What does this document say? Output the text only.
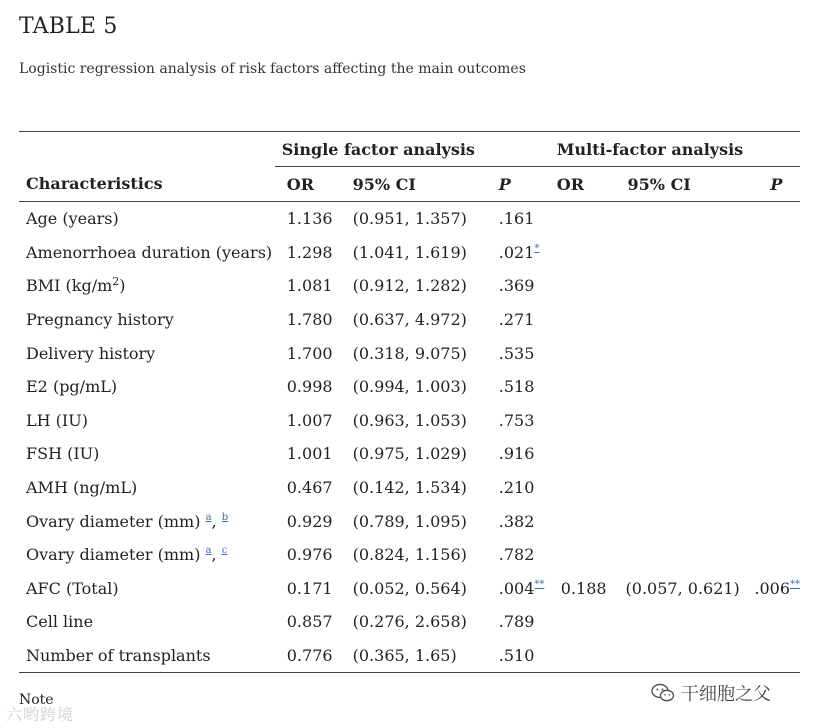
TABLE 5
Logistic regression analysis of risk factors affecting the main outcomes
	Single factor analysis			Multi-factor analysis		
Characteristics	OR	95% CI	P	OR	95% CI	P
Age (years)	1.136	(0.951, 1.357)	.161			
Amenorrhoea duration (years)	1.298	(1.041, 1.619)	.021*			
BMI $(kg/m^2)$	1.081	(0.912, 1.282)	.369			
Pregnancy history	1.780	(0.637, 4.972)	.271			
Delivery history	1.700	(0.318, 9.075)	.535			
E2 (pg/mL)	0.998	(0.994, 1.003)	.518			
LH (IU)	1.007	(0.963, 1.053)	.753			
FSH (IU)	1.001	(0.975, 1.029)	.916			
AMH (ng/mL)	0.467	(0.142, 1.534)	.210			
Ovary diameter (mm) $^a$, $^b$	0.929	(0.789, 1.095)	.382			
Ovary diameter (mm) $^a$, $^c$	0.976	(0.824, 1.156)	.782			
AFC (Total)	0.171	(0.052, 0.564)	.004**	0.188	(0.057, 0.621)	.006**
Cell line	0.857	(0.276, 2.658)	.789			
Number of transplants	0.776	(0.365, 1.65)	.510			
Note
六哟跨境
干细胞之父
